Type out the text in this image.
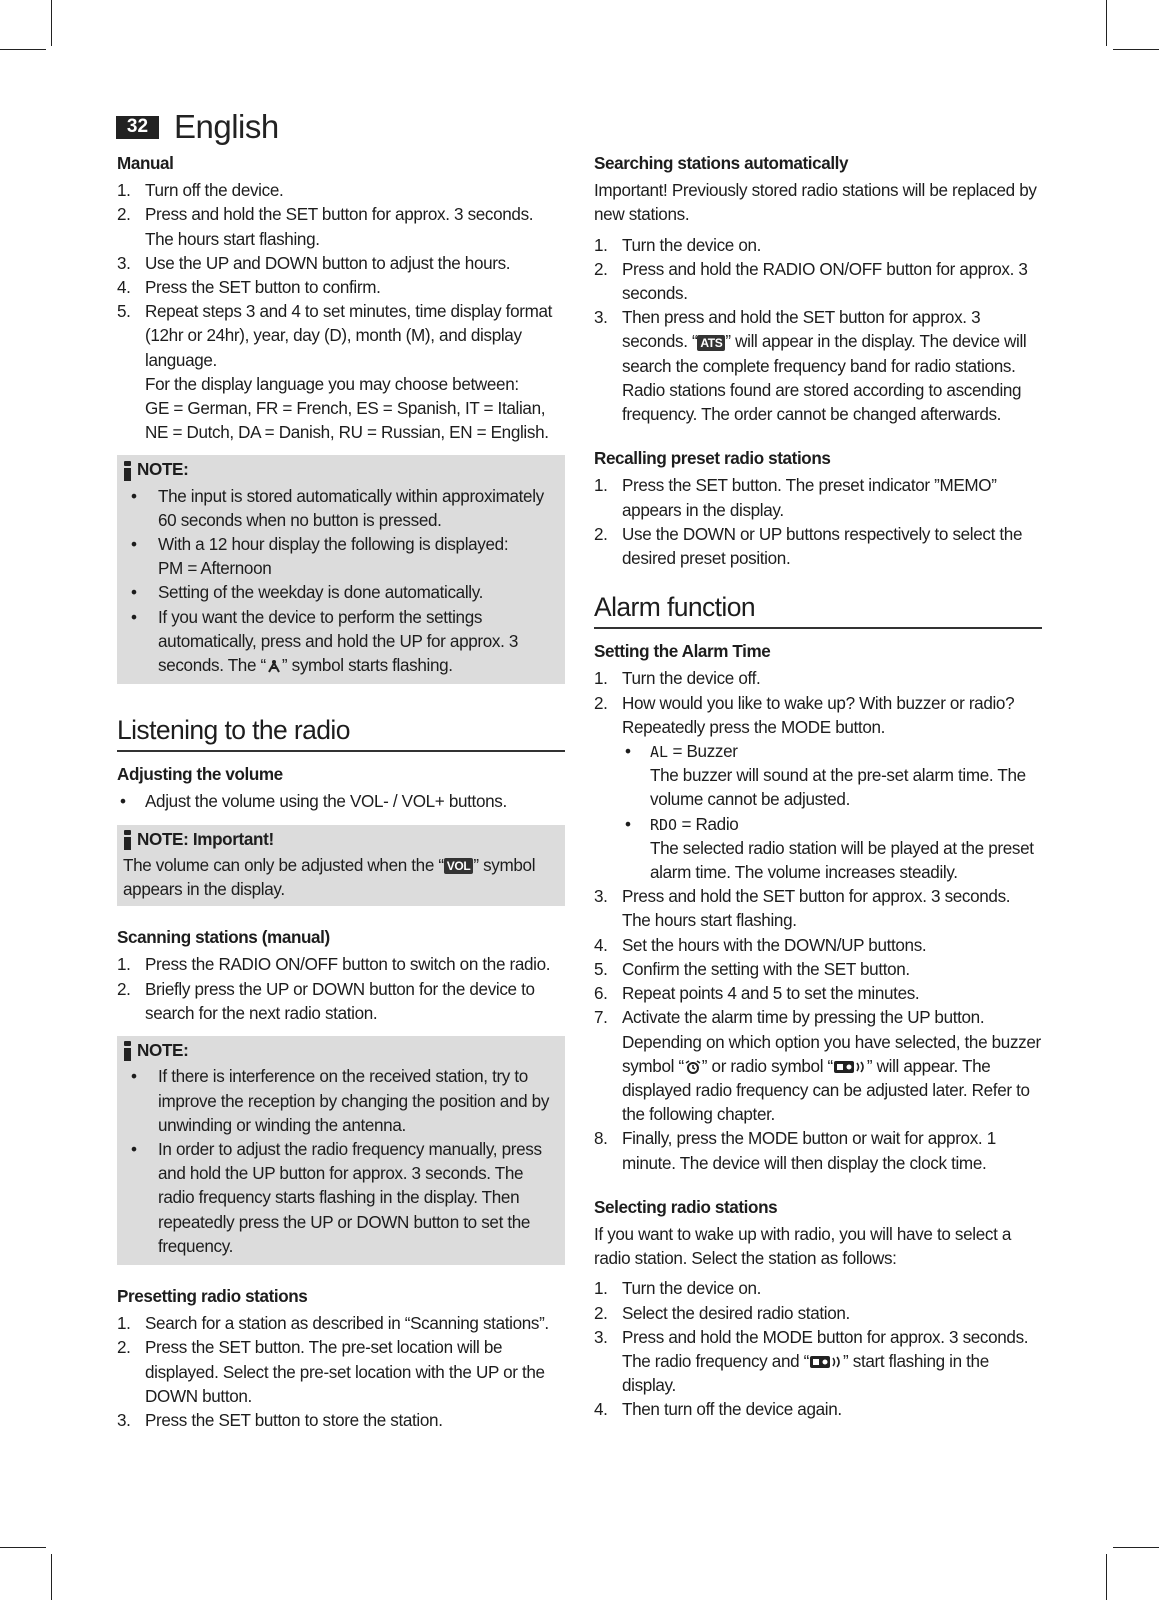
32 English
Manual
1. Turn off the device.
2. Press and hold the SET button for approx. 3 seconds. The hours start flashing.
3. Use the UP and DOWN button to adjust the hours.
4. Press the SET button to confirm.
5. Repeat steps 3 and 4 to set minutes, time display format (12hr or 24hr), year, day (D), month (M), and display language.
For the display language you may choose between:
GE = German, FR = French, ES = Spanish, IT = Italian,
NE = Dutch, DA = Danish, RU = Russian, EN = English.
NOTE:
• The input is stored automatically within approximately 60 seconds when no button is pressed.
• With a 12 hour display the following is displayed:
PM = Afternoon
• Setting of the weekday is done automatically.
• If you want the device to perform the settings automatically, press and hold the UP for approx. 3 seconds. The “ ” symbol starts flashing.
Listening to the radio
Adjusting the volume
• Adjust the volume using the VOL- / VOL+ buttons.
NOTE: Important!
The volume can only be adjusted when the “ VOL ” symbol appears in the display.
Scanning stations (manual)
1. Press the RADIO ON/OFF button to switch on the radio.
2. Briefly press the UP or DOWN button for the device to search for the next radio station.
NOTE:
• If there is interference on the received station, try to improve the reception by changing the position and by unwinding or winding the antenna.
• In order to adjust the radio frequency manually, press and hold the UP button for approx. 3 seconds. The radio frequency starts flashing in the display. Then repeatedly press the UP or DOWN button to set the frequency.
Presetting radio stations
1. Search for a station as described in “Scanning stations”.
2. Press the SET button. The pre-set location will be displayed. Select the pre-set location with the UP or the DOWN button.
3. Press the SET button to store the station.
Searching stations automatically
Important! Previously stored radio stations will be replaced by new stations.
1. Turn the device on.
2. Press and hold the RADIO ON/OFF button for approx. 3 seconds.
3. Then press and hold the SET button for approx. 3 seconds. “ ATS ” will appear in the display. The device will search the complete frequency band for radio stations. Radio stations found are stored according to ascending frequency. The order cannot be changed afterwards.
Recalling preset radio stations
1. Press the SET button. The preset indicator ”MEMO” appears in the display.
2. Use the DOWN or UP buttons respectively to select the desired preset position.
Alarm function
Setting the Alarm Time
1. Turn the device off.
2. How would you like to wake up? With buzzer or radio? Repeatedly press the MODE button.
• AL = Buzzer
The buzzer will sound at the pre-set alarm time. The volume cannot be adjusted.
• RDO = Radio
The selected radio station will be played at the preset alarm time. The volume increases steadily.
3. Press and hold the SET button for approx. 3 seconds. The hours start flashing.
4. Set the hours with the DOWN/UP buttons.
5. Confirm the setting with the SET button.
6. Repeat points 4 and 5 to set the minutes.
7. Activate the alarm time by pressing the UP button. Depending on which option you have selected, the buzzer symbol “ ” or radio symbol “ ” will appear. The displayed radio frequency can be adjusted later. Refer to the following chapter.
8. Finally, press the MODE button or wait for approx. 1 minute. The device will then display the clock time.
Selecting radio stations
If you want to wake up with radio, you will have to select a radio station. Select the station as follows:
1. Turn the device on.
2. Select the desired radio station.
3. Press and hold the MODE button for approx. 3 seconds. The radio frequency and “ ” start flashing in the display.
4. Then turn off the device again.
